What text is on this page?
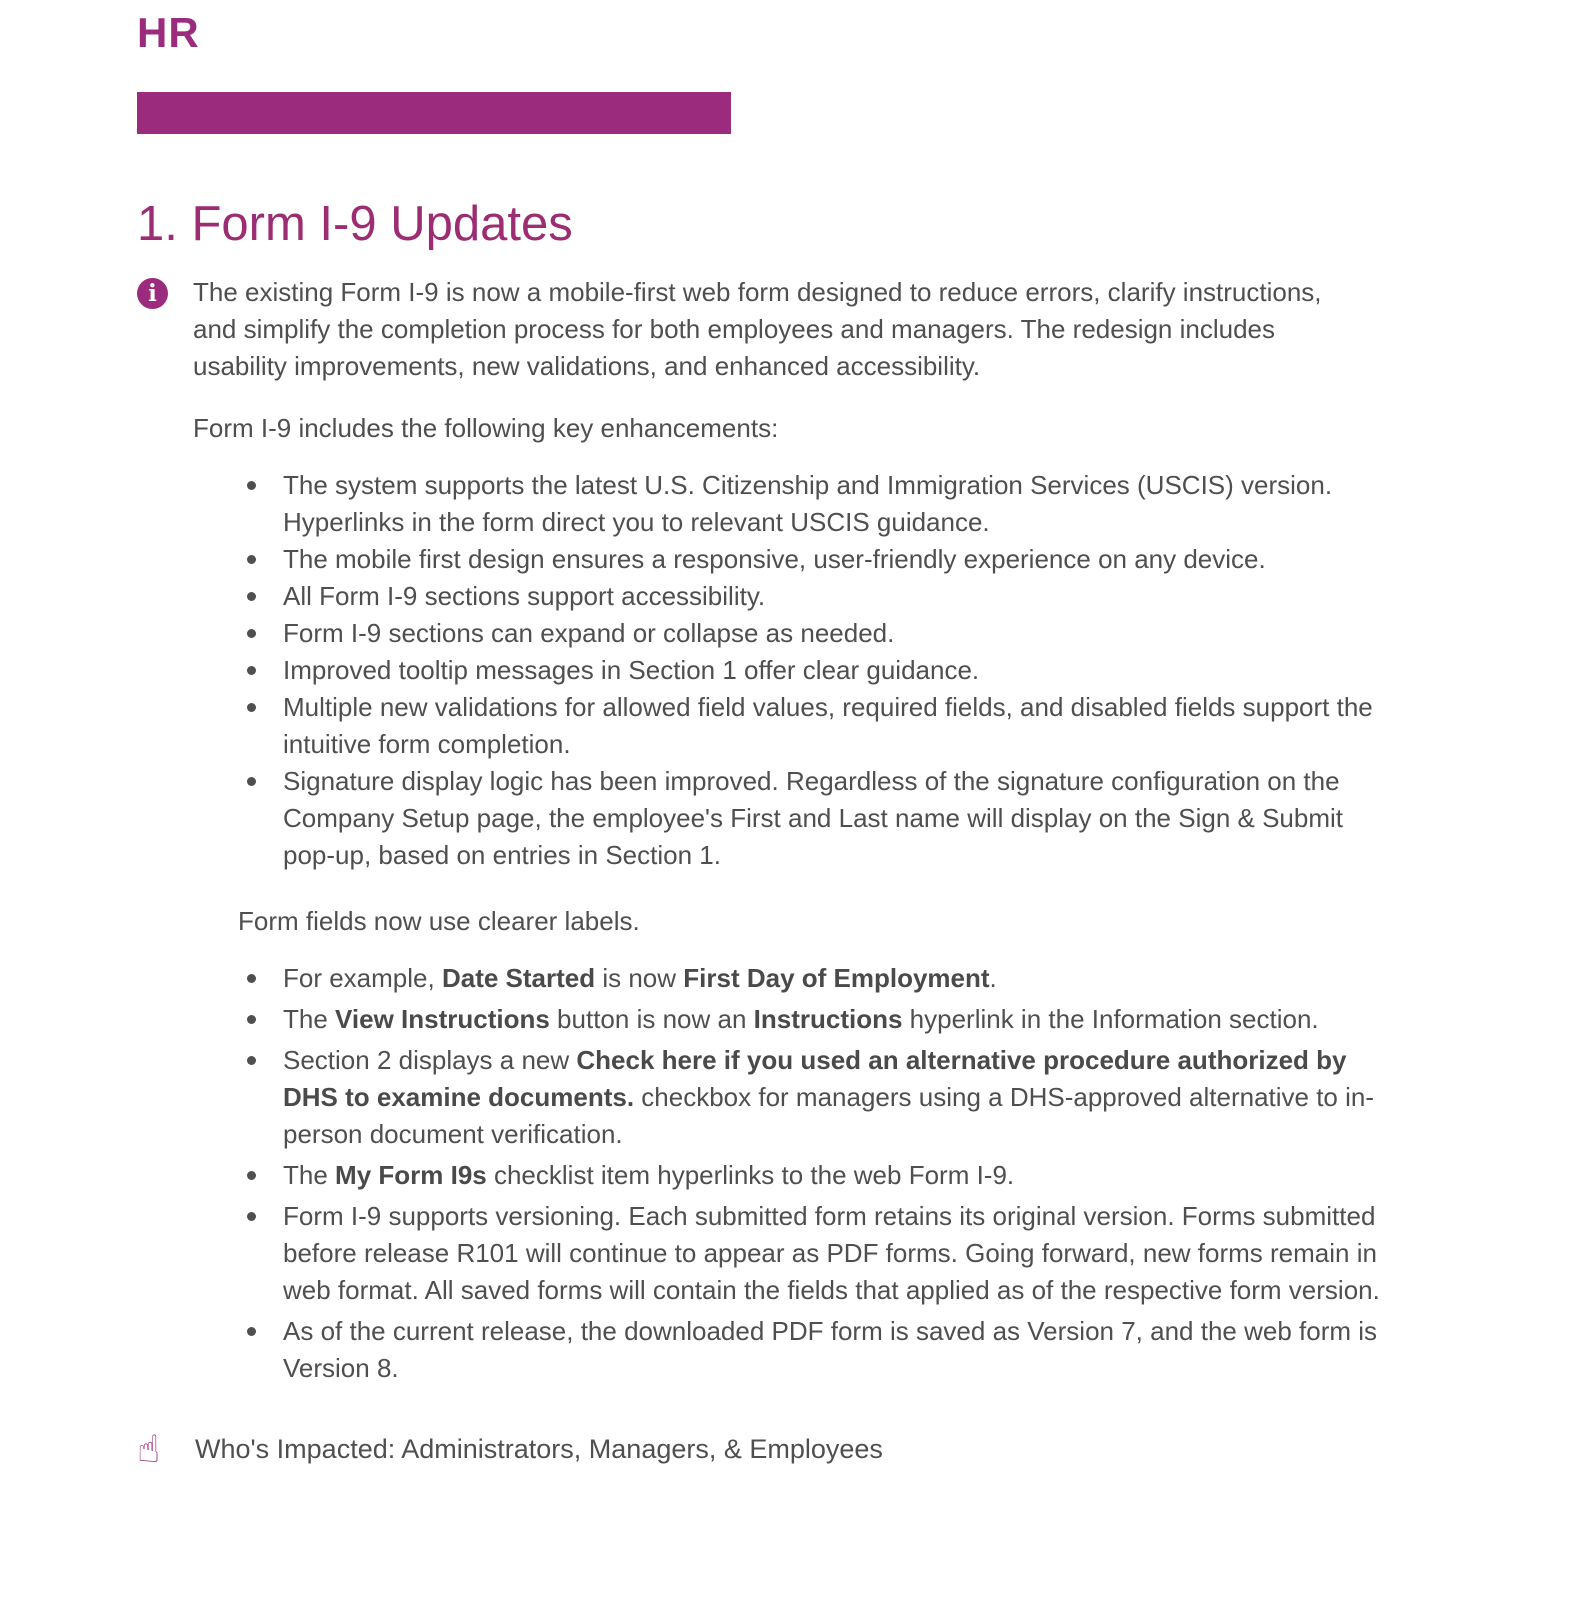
HR
1. Form I-9 Updates
i	The existing Form I-9 is now a mobile-first web form designed to reduce errors, clarify instructions, and simplify the completion process for both employees and managers. The redesign includes usability improvements, new validations, and enhanced accessibility.

Form I-9 includes the following key enhancements:

The system supports the latest U.S. Citizenship and Immigration Services (USCIS) version. Hyperlinks in the form direct you to relevant USCIS guidance.
The mobile first design ensures a responsive, user-friendly experience on any device.
All Form I-9 sections support accessibility.
Form I-9 sections can expand or collapse as needed.
Improved tooltip messages in Section 1 offer clear guidance.
Multiple new validations for allowed field values, required fields, and disabled fields support the intuitive form completion.
Signature display logic has been improved. Regardless of the signature configuration on the Company Setup page, the employee's First and Last name will display on the Sign & Submit pop-up, based on entries in Section 1.

Form fields now use clearer labels.

For example, Date Started is now First Day of Employment.
The View Instructions button is now an Instructions hyperlink in the Information section.
Section 2 displays a new Check here if you used an alternative procedure authorized by DHS to examine documents. checkbox for managers using a DHS-approved alternative to in-person document verification.
The My Form I9s checklist item hyperlinks to the web Form I-9.
Form I-9 supports versioning. Each submitted form retains its original version. Forms submitted before release R101 will continue to appear as PDF forms. Going forward, new forms remain in web format. All saved forms will contain the fields that applied as of the respective form version.
As of the current release, the downloaded PDF form is saved as Version 7, and the web form is Version 8.
☝	Who's Impacted: Administrators, Managers, & Employees
